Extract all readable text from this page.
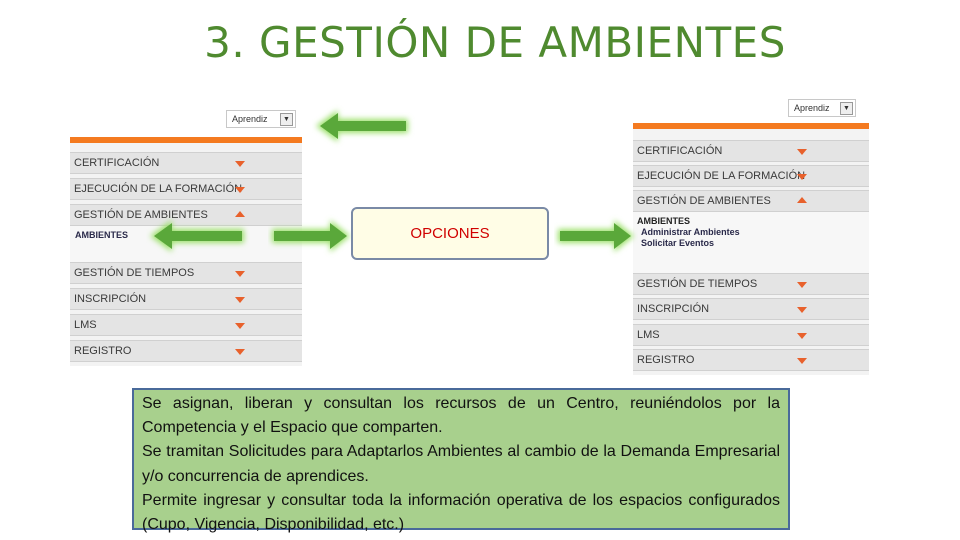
3. GESTIÓN DE AMBIENTES
Aprendiz	▼
CERTIFICACIÓN
EJECUCIÓN DE LA FORMACIÓN
GESTIÓN DE AMBIENTES
AMBIENTES
GESTIÓN DE TIEMPOS
INSCRIPCIÓN
LMS
REGISTRO
Aprendiz	▼
CERTIFICACIÓN
EJECUCIÓN DE LA FORMACIÓN
GESTIÓN DE AMBIENTES
AMBIENTES
Administrar Ambientes
Solicitar Eventos
GESTIÓN DE TIEMPOS
INSCRIPCIÓN
LMS
REGISTRO
OPCIONES

Se asignan, liberan y consultan los recursos de un Centro, reuniéndolos por la Competencia y el Espacio que comparten.

Se tramitan Solicitudes para Adaptarlos Ambientes al cambio de la Demanda Empresarial y/o concurrencia de aprendices.

Permite ingresar y consultar toda la información operativa de los espacios configurados (Cupo, Vigencia, Disponibilidad, etc.)
